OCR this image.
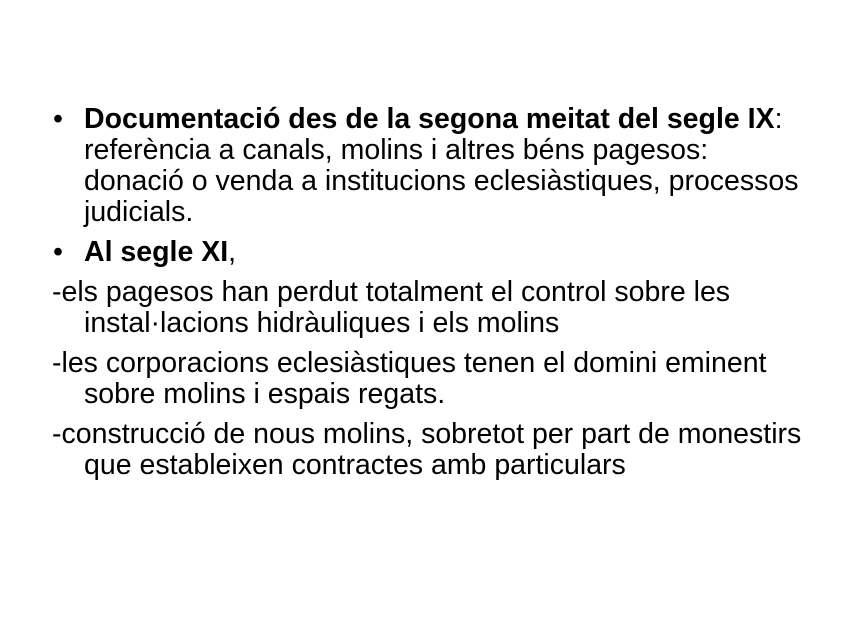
• Documentació des de la segona meitat del segle IX: referència a canals, molins i altres béns pagesos: donació o venda a institucions eclesiàstiques, processos judicials.

• Al segle XI,

-els pagesos han perdut totalment el control sobre les instal·lacions hidràuliques i els molins

-les corporacions eclesiàstiques tenen el domini eminent sobre molins i espais regats.

-construcció de nous molins, sobretot per part de monestirs que estableixen contractes amb particulars
